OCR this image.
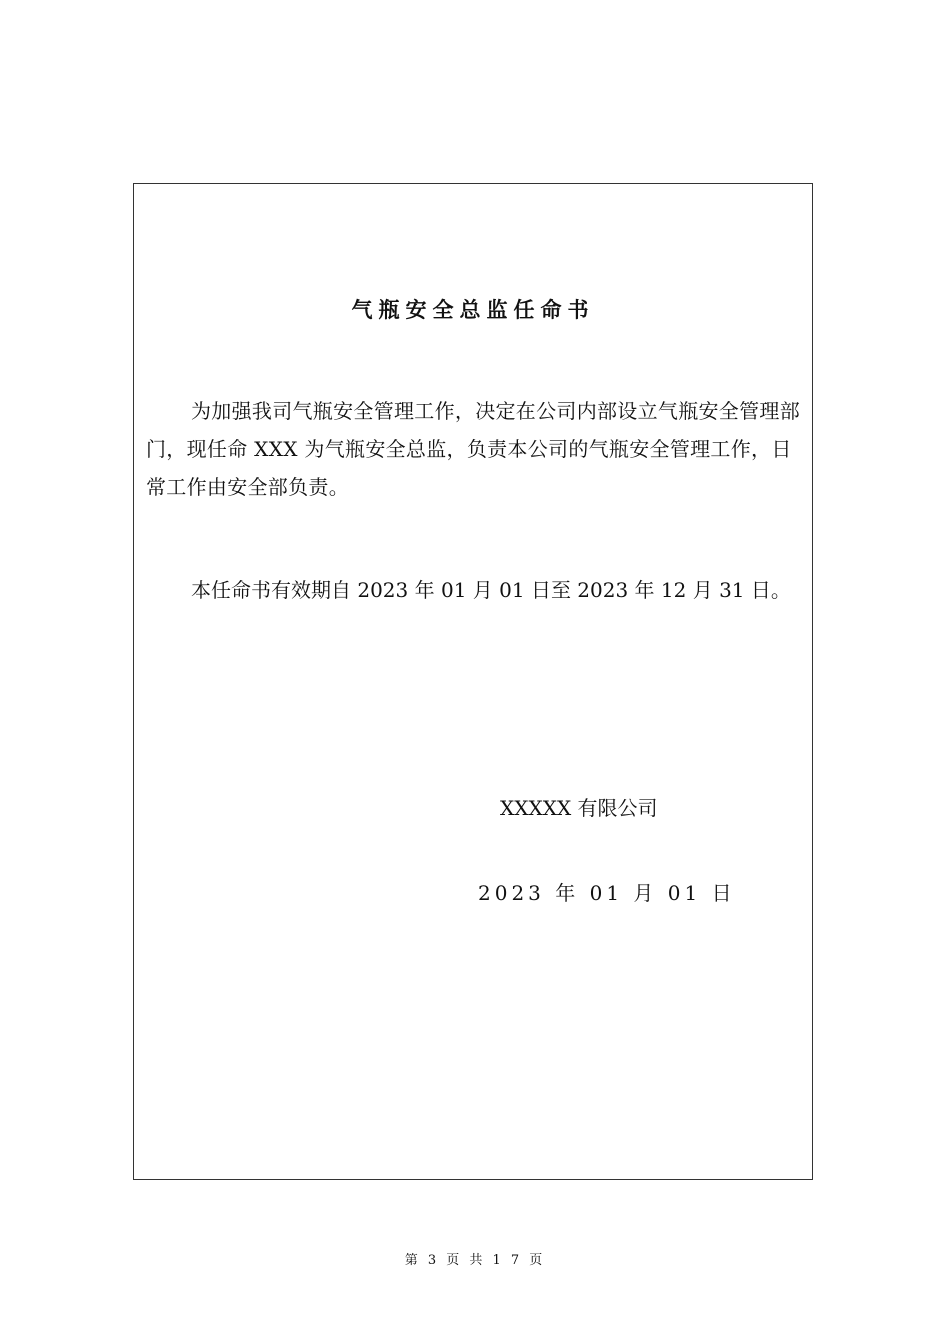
气瓶安全总监任命书

为加强我司气瓶安全管理工作，决定在公司内部设立气瓶安全管理部门，现任命 XXX 为气瓶安全总监，负责本公司的气瓶安全管理工作，日常工作由安全部负责。

本任命书有效期自 2023 年 01 月 01 日至 2023 年 12 月 31 日。

XXXXX 有限公司
2023 年 01 月 01 日
第 3 页 共 1 7 页
